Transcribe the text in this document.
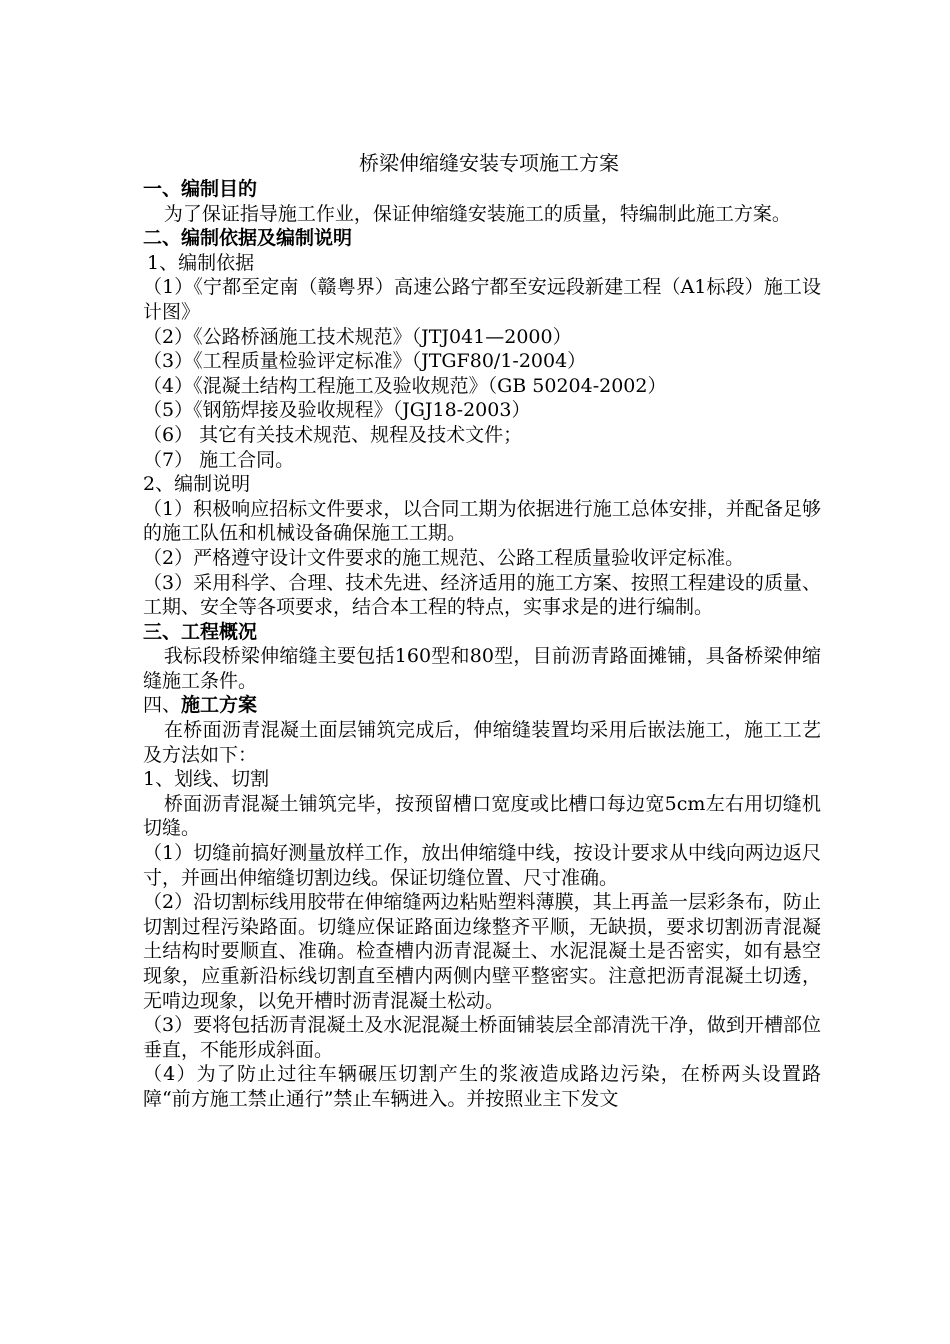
桥梁伸缩缝安装专项施工方案

一、编制目的

为了保证指导施工作业，保证伸缩缝安装施工的质量，特编制此施工方案。

二、编制依据及编制说明

1、编制依据

（1）《宁都至定南（赣粤界）高速公路宁都至安远段新建工程（A1标段）施工设计图》

（2）《公路桥涵施工技术规范》（JTJ041—2000）

（3）《工程质量检验评定标准》（JTGF80/1-2004）

（4）《混凝土结构工程施工及验收规范》（GB 50204-2002）

（5）《钢筋焊接及验收规程》（JGJ18-2003）

（6） 其它有关技术规范、规程及技术文件；

（7） 施工合同。

2、编制说明

（1）积极响应招标文件要求，以合同工期为依据进行施工总体安排，并配备足够的施工队伍和机械设备确保施工工期。

（2）严格遵守设计文件要求的施工规范、公路工程质量验收评定标准。

（3）采用科学、合理、技术先进、经济适用的施工方案、按照工程建设的质量、工期、安全等各项要求，结合本工程的特点，实事求是的进行编制。

三、工程概况

我标段桥梁伸缩缝主要包括160型和80型，目前沥青路面摊铺，具备桥梁伸缩缝施工条件。

四、施工方案

在桥面沥青混凝土面层铺筑完成后，伸缩缝装置均采用后嵌法施工，施工工艺及方法如下：

1、划线、切割

桥面沥青混凝土铺筑完毕，按预留槽口宽度或比槽口每边宽5cm左右用切缝机切缝。

（1）切缝前搞好测量放样工作，放出伸缩缝中线，按设计要求从中线向两边返尺寸，并画出伸缩缝切割边线。保证切缝位置、尺寸准确。

（2）沿切割标线用胶带在伸缩缝两边粘贴塑料薄膜，其上再盖一层彩条布，防止切割过程污染路面。切缝应保证路面边缘整齐平顺，无缺损，要求切割沥青混凝土结构时要顺直、准确。检查槽内沥青混凝土、水泥混凝土是否密实，如有悬空现象，应重新沿标线切割直至槽内两侧内壁平整密实。注意把沥青混凝土切透，无啃边现象，以免开槽时沥青混凝土松动。

（3）要将包括沥青混凝土及水泥混凝土桥面铺装层全部清洗干净，做到开槽部位垂直，不能形成斜面。

（4）为了防止过往车辆碾压切割产生的浆液造成路边污染，在桥两头设置路障“前方施工禁止通行”禁止车辆进入。并按照业主下发文
